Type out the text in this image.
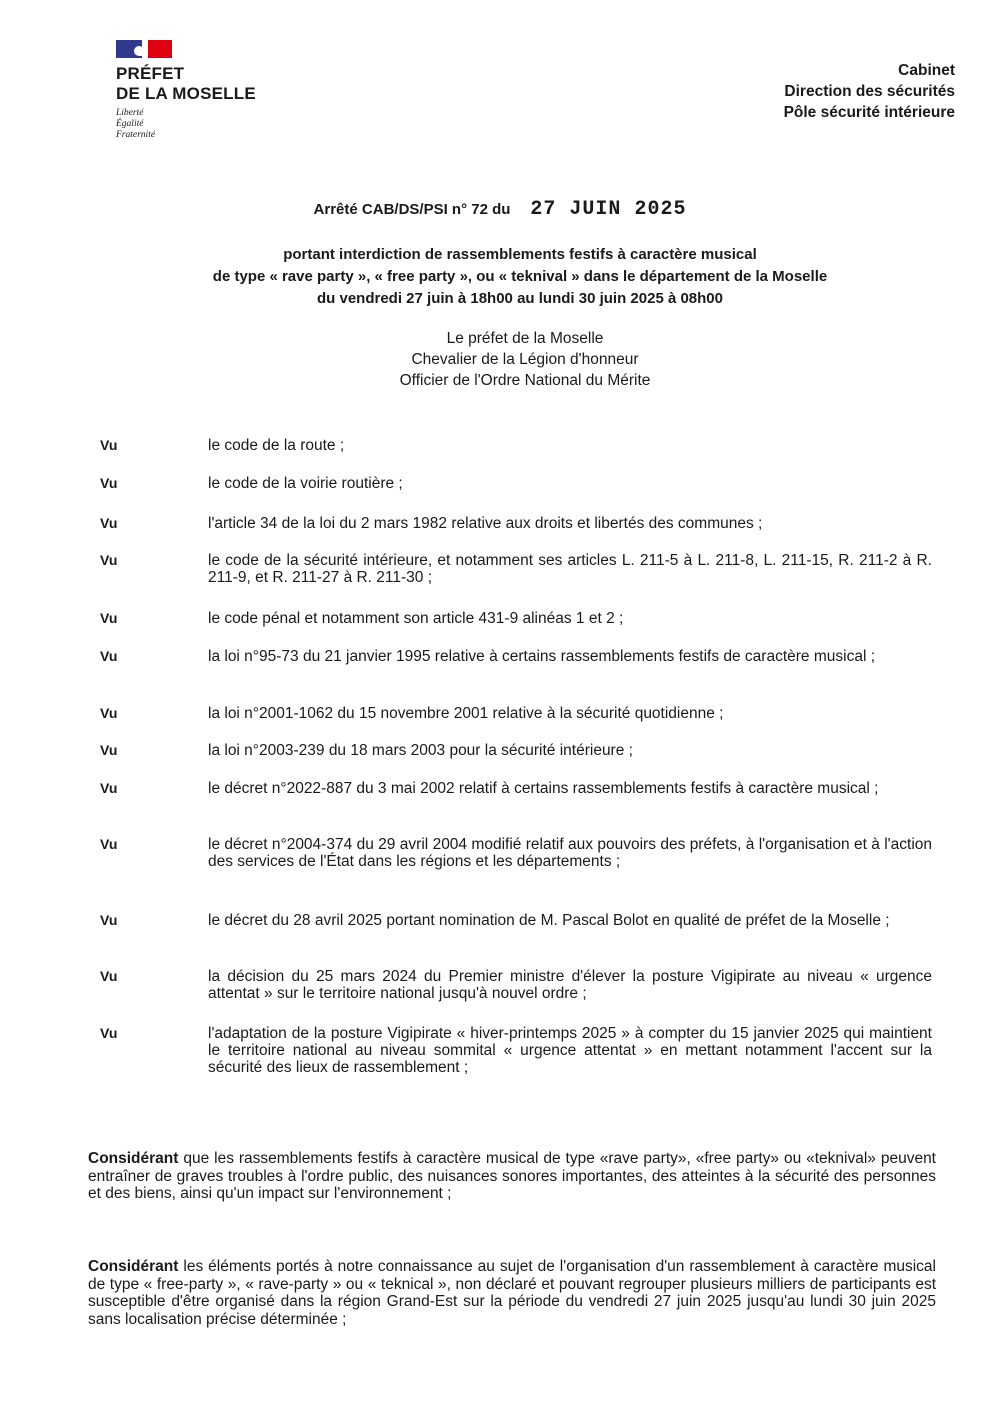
PRÉFET
DE LA MOSELLE
Liberté
Égalité
Fraternité
Cabinet
Direction des sécurités
Pôle sécurité intérieure
Arrêté CAB/DS/PSI n° 72 du 27 JUIN 2025
portant interdiction de rassemblements festifs à caractère musical
de type « rave party », « free party », ou « teknival » dans le département de la Moselle
du vendredi 27 juin à 18h00 au lundi 30 juin 2025 à 08h00
Le préfet de la Moselle
Chevalier de la Légion d'honneur
Officier de l'Ordre National du Mérite
Vu	le code de la route ;
Vu	le code de la voirie routière ;
Vu	l'article 34 de la loi du 2 mars 1982 relative aux droits et libertés des communes ;
Vu	le code de la sécurité intérieure, et notamment ses articles L. 211-5 à L. 211-8, L. 211-15, R. 211-2 à R. 211-9, et R. 211-27 à R. 211-30 ;
Vu	le code pénal et notamment son article 431-9 alinéas 1 et 2 ;
Vu	la loi n°95-73 du 21 janvier 1995 relative à certains rassemblements festifs de caractère musical ;
Vu	la loi n°2001-1062 du 15 novembre 2001 relative à la sécurité quotidienne ;
Vu	la loi n°2003-239 du 18 mars 2003 pour la sécurité intérieure ;
Vu	le décret n°2022-887 du 3 mai 2002 relatif à certains rassemblements festifs à caractère musical ;
Vu	le décret n°2004-374 du 29 avril 2004 modifié relatif aux pouvoirs des préfets, à l'organisation et à l'action des services de l'État dans les régions et les départements ;
Vu	le décret du 28 avril 2025 portant nomination de M. Pascal Bolot en qualité de préfet de la Moselle ;
Vu	la décision du 25 mars 2024 du Premier ministre d'élever la posture Vigipirate au niveau « urgence attentat » sur le territoire national jusqu'à nouvel ordre ;
Vu	l'adaptation de la posture Vigipirate « hiver-printemps 2025 » à compter du 15 janvier 2025 qui maintient le territoire national au niveau sommital « urgence attentat » en mettant notamment l'accent sur la sécurité des lieux de rassemblement ;
Considérant que les rassemblements festifs à caractère musical de type «rave party», «free party» ou «teknival» peuvent entraîner de graves troubles à l'ordre public, des nuisances sonores importantes, des atteintes à la sécurité des personnes et des biens, ainsi qu'un impact sur l'environnement ;
Considérant les éléments portés à notre connaissance au sujet de l'organisation d'un rassemblement à caractère musical de type « free-party », « rave-party » ou « teknical », non déclaré et pouvant regrouper plusieurs milliers de participants est susceptible d'être organisé dans la région Grand-Est sur la période du vendredi 27 juin 2025 jusqu'au lundi 30 juin 2025 sans localisation précise déterminée ;
